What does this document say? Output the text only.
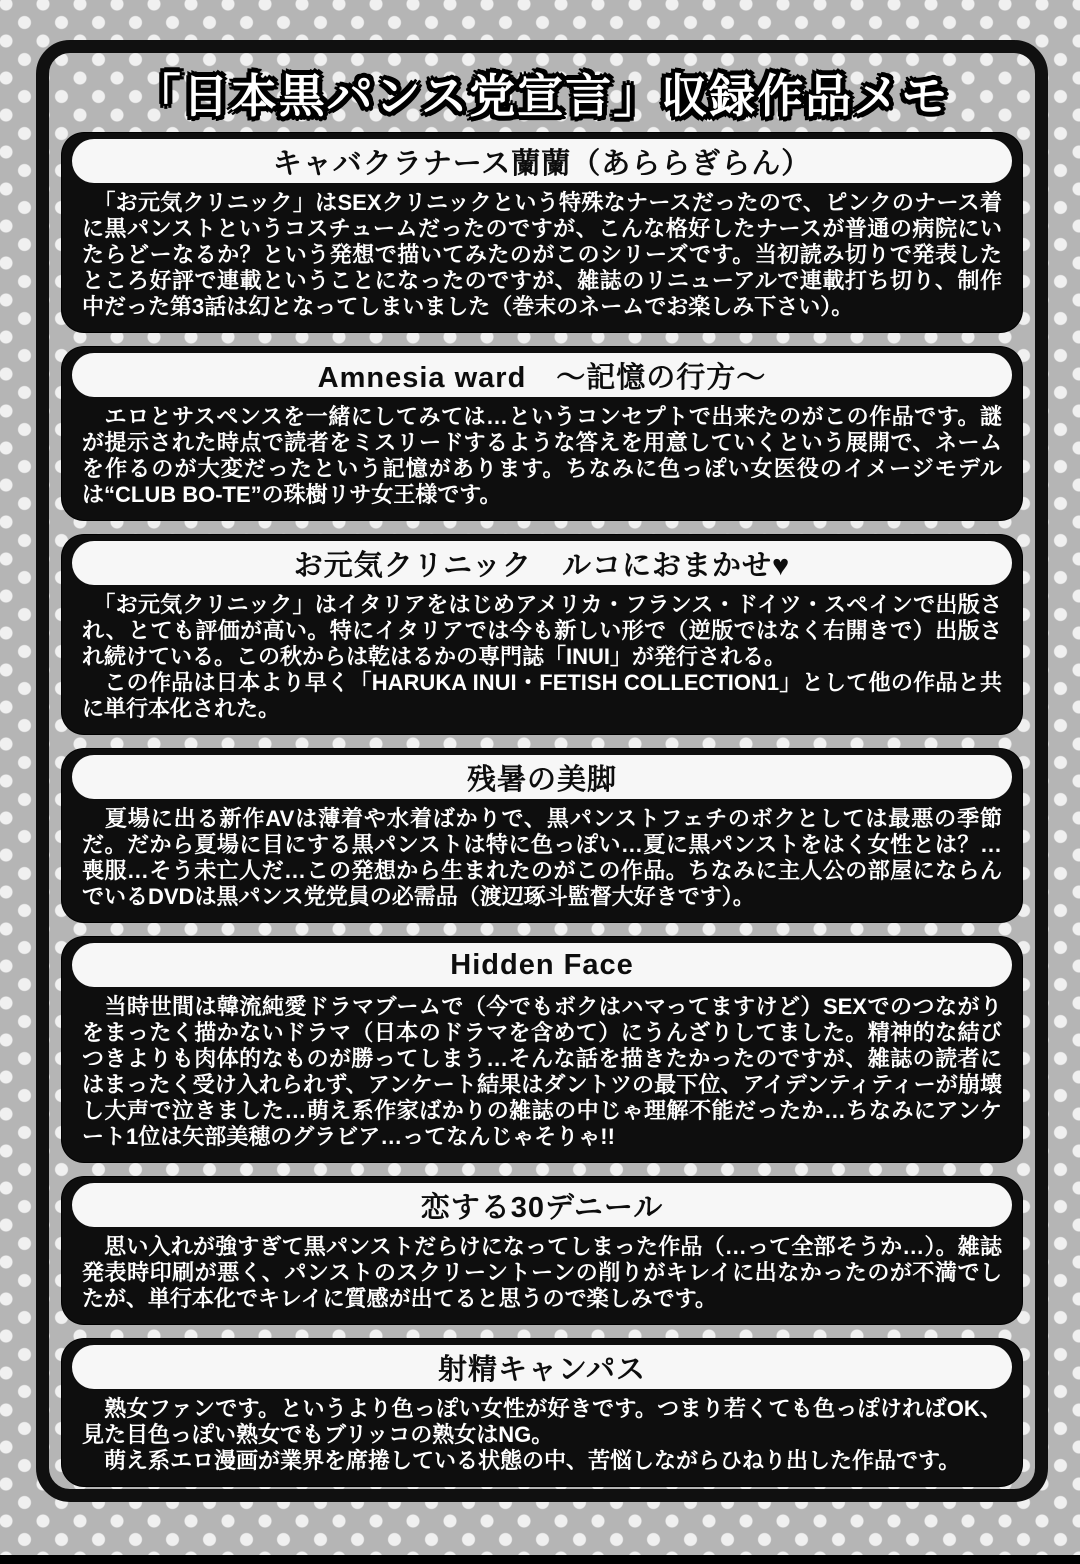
「日本黒パンス党宣言」収録作品メモ
キャバクラナース蘭蘭（あららぎらん）

　「お元気クリニック」はSEXクリニックという特殊なナースだったので、ピンクのナース着に黒パンストというコスチュームだったのですが、こんな格好したナースが普通の病院にいたらどーなるか？という発想で描いてみたのがこのシリーズです。当初読み切りで発表したところ好評で連載ということになったのですが、雑誌のリニューアルで連載打ち切り、制作中だった第3話は幻となってしまいました（巻末のネームでお楽しみ下さい）。

Amnesia ward　～記憶の行方～

　エロとサスペンスを一緒にしてみては…というコンセプトで出来たのがこの作品です。謎が提示された時点で読者をミスリードするような答えを用意していくという展開で、ネームを作るのが大変だったという記憶があります。ちなみに色っぽい女医役のイメージモデルは“CLUB BO-TE”の珠樹リサ女王様です。

お元気クリニック　ルコにおまかせ♥

　「お元気クリニック」はイタリアをはじめアメリカ・フランス・ドイツ・スペインで出版され、とても評価が高い。特にイタリアでは今も新しい形で（逆版ではなく右開きで）出版され続けている。この秋からは乾はるかの専門誌「INUI」が発行される。

　この作品は日本より早く「HARUKA INUI・FETISH COLLECTION1」として他の作品と共に単行本化された。

残暑の美脚

　夏場に出る新作AVは薄着や水着ばかりで、黒パンストフェチのボクとしては最悪の季節だ。だから夏場に目にする黒パンストは特に色っぽい…夏に黒パンストをはく女性とは？…喪服…そう未亡人だ…この発想から生まれたのがこの作品。ちなみに主人公の部屋にならんでいるDVDは黒パンス党党員の必需品（渡辺琢斗監督大好きです）。

Hidden Face

　当時世間は韓流純愛ドラマブームで（今でもボクはハマってますけど）SEXでのつながりをまったく描かないドラマ（日本のドラマを含めて）にうんざりしてました。精神的な結びつきよりも肉体的なものが勝ってしまう…そんな話を描きたかったのですが、雑誌の読者にはまったく受け入れられず、アンケート結果はダントツの最下位、アイデンティティーが崩壊し大声で泣きました…萌え系作家ばかりの雑誌の中じゃ理解不能だったか…ちなみにアンケート1位は矢部美穂のグラビア…ってなんじゃそりゃ!!

恋する30デニール

　思い入れが強すぎて黒パンストだらけになってしまった作品（…って全部そうか…）。雑誌発表時印刷が悪く、パンストのスクリーントーンの削りがキレイに出なかったのが不満でしたが、単行本化でキレイに質感が出てると思うので楽しみです。

射精キャンパス

　熟女ファンです。というより色っぽい女性が好きです。つまり若くても色っぽければOK、見た目色っぽい熟女でもブリッコの熟女はNG。

　萌え系エロ漫画が業界を席捲している状態の中、苦悩しながらひねり出した作品です。
